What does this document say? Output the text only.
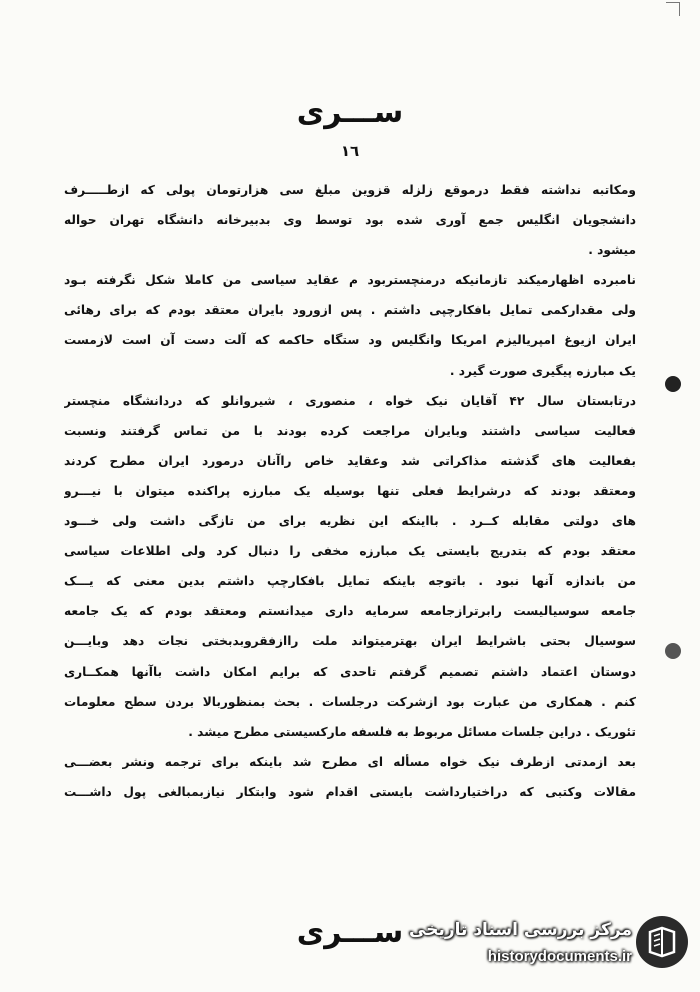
ســـری
١٦
ومکاتبه نداشته فقط درموقع زلزله قزوین مبلغ سی هزارتومان پولی که ازطـــــرف
دانشجویان انگلیس جمع آوری شده بود توسط وی بدبیرخانه دانشگاه تهران حواله
میشود .
نامبرده اظهارمیکند تازمانیکه درمنچستربود م عقاید سیاسی من کاملا شکل نگرفته بـود
ولی مقدارکمی تمایل بافکارچپی داشتم . پس ازورود بایران معتقد بودم که برای رهائی
ایران ازیوغ امپریالیزم امریکا وانگلیس ود ستگاه حاکمه که آلت دست آن است لازمست
یک مبارزه پیگیری صورت گیرد .
درتابستان سال ۴۲ آقایان نیک خواه ، منصوری ، شیروانلو که دردانشگاه منچستر
فعالیت سیاسی داشتند وبایران مراجعت کرده بودند با من تماس گرفتند ونسبت
بفعالیت های گذشته مذاکراتی شد وعقاید خاص راآنان درمورد ایران مطرح کردند
ومعتقد بودند که درشرایط فعلی تنها بوسیله یک مبارزه پراکنده میتوان با نیـــرو
های دولتی مقابله کــرد . بااینکه این نظریه برای من تازگی داشت ولی خـــود
معتقد بودم که بتدریج بایستی یک مبارزه مخفی را دنبال کرد ولی اطلاعات سیاسی
من باندازه آنها نبود . باتوجه باینکه تمایل بافکارچپ داشتم بدین معنی که یـــک
جامعه سوسیالیست رابرترازجامعه سرمایه داری میدانستم ومعتقد بودم که یک جامعه
سوسیال بحتی باشرایط ایران بهترمیتواند ملت راازفقروبدبختی نجات دهد وبایـــن
دوستان اعتماد داشتم تصمیم گرفتم تاحدی که برایم امکان داشت باآنها همکــاری
کنم . همکاری من عبارت بود ازشرکت درجلسات . بحث بمنظوربالا بردن سطح معلومات
تئوریک . دراین جلسات مسائل مربوط به فلسفه مارکسیستی مطرح میشد .
بعد ازمدتی ازطرف نیک خواه مسأله ای مطرح شد باینکه برای ترجمه ونشر بعضـــی
مقالات وکتبی که دراختیارداشت بایستی اقدام شود وابتکار نیازبمبالغی پول داشـــت
ســـری مرکز بررسی اسناد تاریخی
historydocuments.ir
